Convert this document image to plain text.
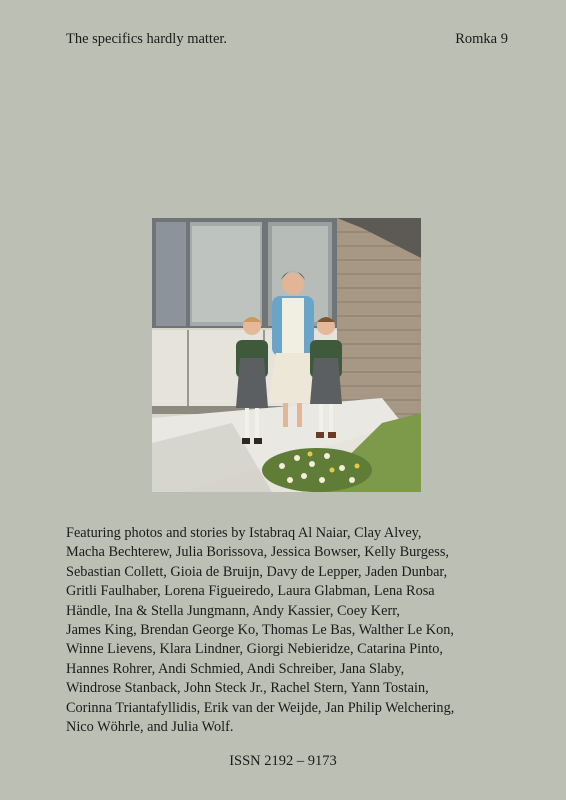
The specifics hardly matter.	Romka 9
Featuring photos and stories by Istabraq Al Naiar, Clay Alvey,
Macha Bechterew, Julia Borissova, Jessica Bowser, Kelly Burgess,
Sebastian Collett, Gioia de Bruijn, Davy de Lepper, Jaden Dunbar,
Gritli Faulhaber, Lorena Figueiredo, Laura Glabman, Lena Rosa
Händle, Ina & Stella Jungmann, Andy Kassier, Coey Kerr,
James King, Brendan George Ko, Thomas Le Bas, Walther Le Kon,
Winne Lievens, Klara Lindner, Giorgi Nebieridze, Catarina Pinto,
Hannes Rohrer, Andi Schmied, Andi Schreiber, Jana Slaby,
Windrose Stanback, John Steck Jr., Rachel Stern, Yann Tostain,
Corinna Triantafyllidis, Erik van der Weijde, Jan Philip Welchering,
Nico Wöhrle, and Julia Wolf.
ISSN 2192 – 9173
